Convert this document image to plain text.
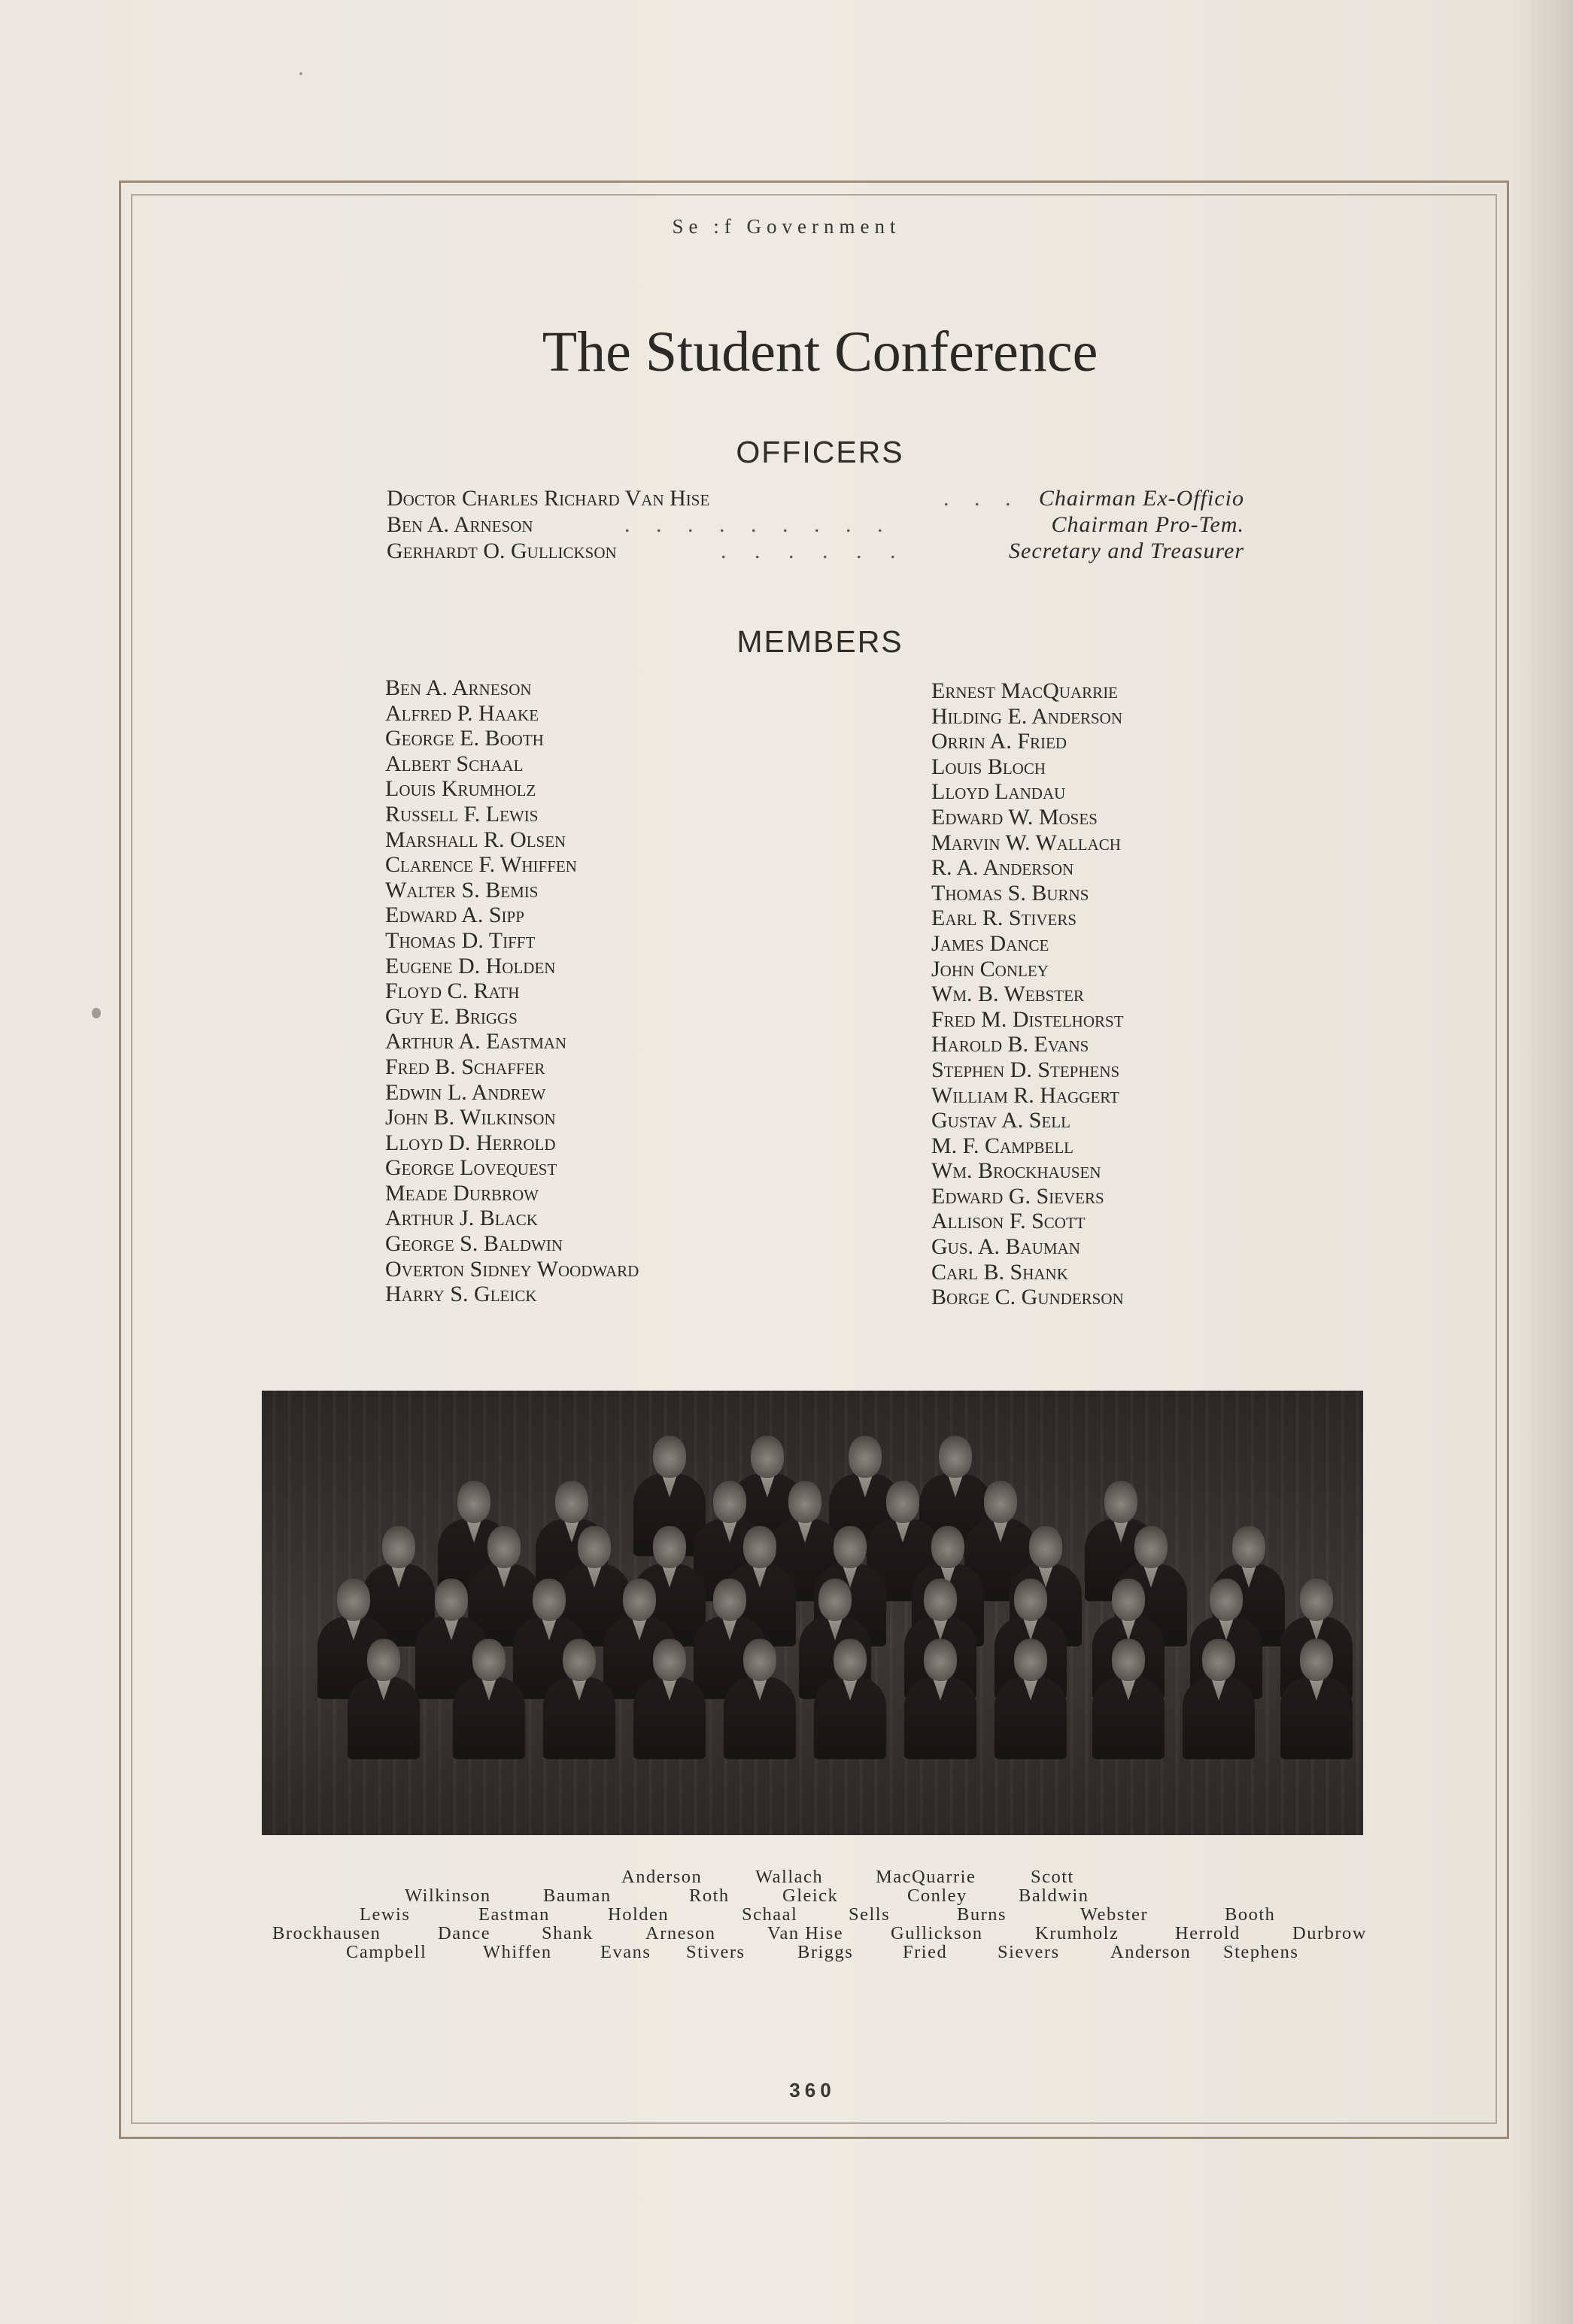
Se :f Government
The Student Conference
OFFICERS
Doctor Charles Richard Van Hise	. . . Chairman Ex-Officio
Ben A. Arneson	. . . . . . . . .	Chairman Pro-Tem.
Gerhardt O. Gullickson	. . . . . .	Secretary and Treasurer
MEMBERS
Ben A. Arneson
Alfred P. Haake
George E. Booth
Albert Schaal
Louis Krumholz
Russell F. Lewis
Marshall R. Olsen
Clarence F. Whiffen
Walter S. Bemis
Edward A. Sipp
Thomas D. Tifft
Eugene D. Holden
Floyd C. Rath
Guy E. Briggs
Arthur A. Eastman
Fred B. Schaffer
Edwin L. Andrew
John B. Wilkinson
Lloyd D. Herrold
George Lovequest
Meade Durbrow
Arthur J. Black
George S. Baldwin
Overton Sidney Woodward
Harry S. Gleick
Ernest MacQuarrie
Hilding E. Anderson
Orrin A. Fried
Louis Bloch
Lloyd Landau
Edward W. Moses
Marvin W. Wallach
R. A. Anderson
Thomas S. Burns
Earl R. Stivers
James Dance
John Conley
Wm. B. Webster
Fred M. Distelhorst
Harold B. Evans
Stephen D. Stephens
William R. Haggert
Gustav A. Sell
M. F. Campbell
Wm. Brockhausen
Edward G. Sievers
Allison F. Scott
Gus. A. Bauman
Carl B. Shank
Borge C. Gunderson
Anderson	Wallach	MacQuarrie	Scott
Wilkinson	Bauman	Roth	Gleick	Conley	Baldwin
Lewis	Eastman	Holden	Schaal	Sells	Burns	Webster	Booth
Brockhausen	Dance	Shank	Arneson	Van Hise	Gullickson	Krumholz	Herrold	Durbrow
Campbell	Whiffen	Evans Stivers	Briggs	Fried	Sievers	Anderson Stephens
360
